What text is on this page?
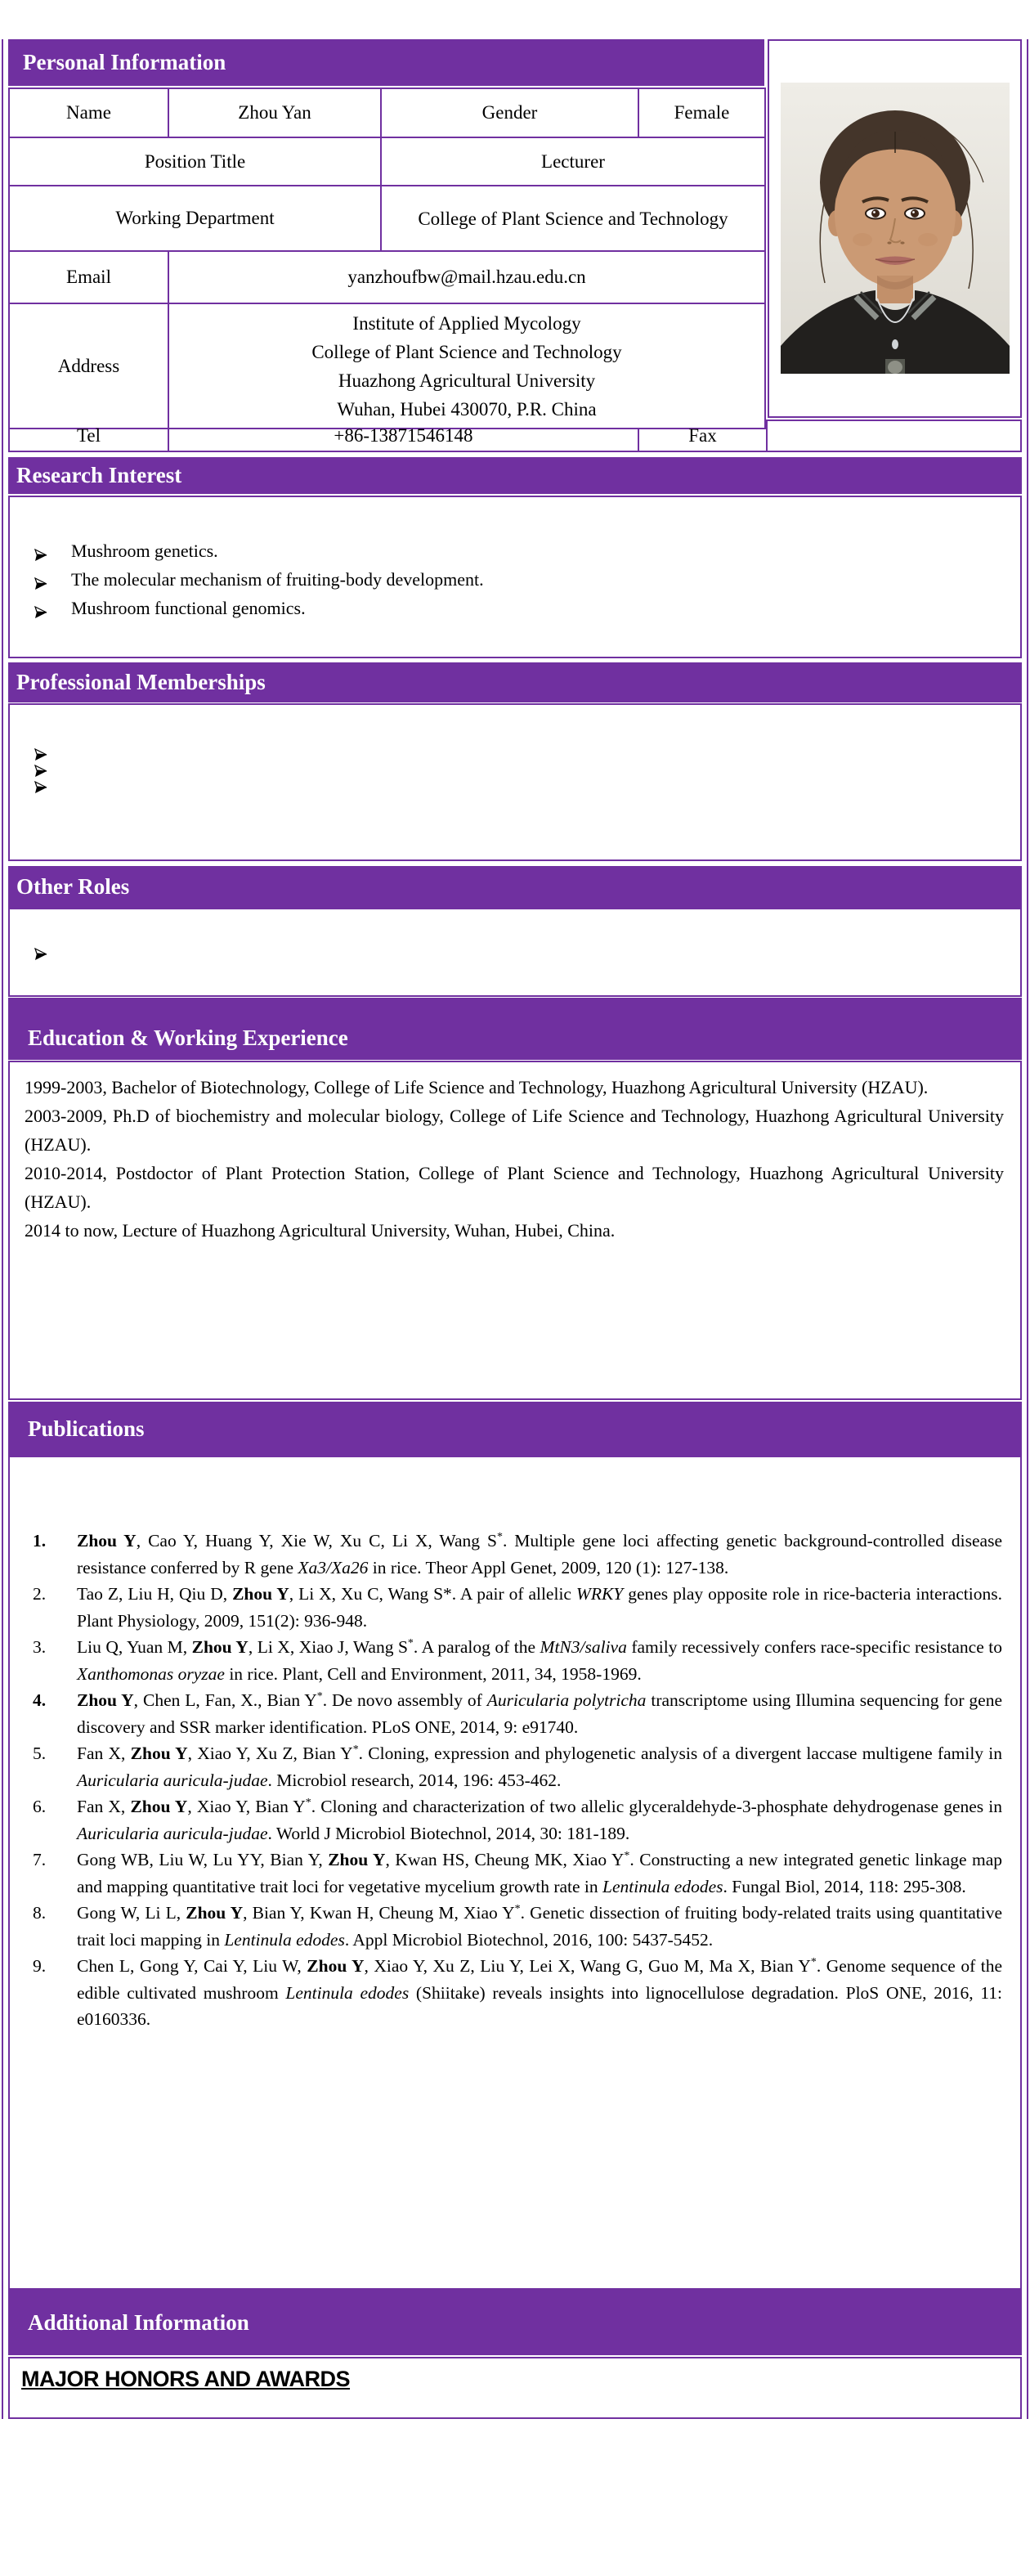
Personal Information
Name	Zhou Yan	Gender	Female
Position Title		Lecturer	
Working Department		College of Plant Science and Technology	
Email	yanzhoufbw@mail.hzau.edu.cn		
Address	Institute of Applied Mycology
College of Plant Science and Technology
Huazhong Agricultural University
Wuhan, Hubei 430070, P.R. China		
Tel	+86-13871546148	Fax	
Research Interest
Mushroom genetics.
The molecular mechanism of fruiting-body development.
Mushroom functional genomics.
Professional Memberships
Other Roles
Education & Working Experience

1999-2003, Bachelor of Biotechnology, College of Life Science and Technology, Huazhong Agricultural University (HZAU).

2003-2009, Ph.D of biochemistry and molecular biology, College of Life Science and Technology, Huazhong Agricultural University (HZAU).

2010-2014, Postdoctor of Plant Protection Station, College of Plant Science and Technology, Huazhong Agricultural University (HZAU).

2014 to now, Lecture of Huazhong Agricultural University, Wuhan, Hubei, China.

Publications
1. Zhou Y, Cao Y, Huang Y, Xie W, Xu C, Li X, Wang S*. Multiple gene loci affecting genetic background-controlled disease resistance conferred by R gene Xa3/Xa26 in rice. Theor Appl Genet, 2009, 120 (1): 127-138.
2. Tao Z, Liu H, Qiu D, Zhou Y, Li X, Xu C, Wang S*. A pair of allelic WRKY genes play opposite role in rice-bacteria interactions. Plant Physiology, 2009, 151(2): 936-948.
3. Liu Q, Yuan M, Zhou Y, Li X, Xiao J, Wang S*. A paralog of the MtN3/saliva family recessively confers race-specific resistance to Xanthomonas oryzae in rice. Plant, Cell and Environment, 2011, 34, 1958-1969.
4. Zhou Y, Chen L, Fan, X., Bian Y*. De novo assembly of Auricularia polytricha transcriptome using Illumina sequencing for gene discovery and SSR marker identification. PLoS ONE, 2014, 9: e91740.
5. Fan X, Zhou Y, Xiao Y, Xu Z, Bian Y*. Cloning, expression and phylogenetic analysis of a divergent laccase multigene family in Auricularia auricula-judae. Microbiol research, 2014, 196: 453-462.
6. Fan X, Zhou Y, Xiao Y, Bian Y*. Cloning and characterization of two allelic glyceraldehyde-3-phosphate dehydrogenase genes in Auricularia auricula-judae. World J Microbiol Biotechnol, 2014, 30: 181-189.
7. Gong WB, Liu W, Lu YY, Bian Y, Zhou Y, Kwan HS, Cheung MK, Xiao Y*. Constructing a new integrated genetic linkage map and mapping quantitative trait loci for vegetative mycelium growth rate in Lentinula edodes. Fungal Biol, 2014, 118: 295-308.
8. Gong W, Li L, Zhou Y, Bian Y, Kwan H, Cheung M, Xiao Y*. Genetic dissection of fruiting body-related traits using quantitative trait loci mapping in Lentinula edodes. Appl Microbiol Biotechnol, 2016, 100: 5437-5452.
9. Chen L, Gong Y, Cai Y, Liu W, Zhou Y, Xiao Y, Xu Z, Liu Y, Lei X, Wang G, Guo M, Ma X, Bian Y*. Genome sequence of the edible cultivated mushroom Lentinula edodes (Shiitake) reveals insights into lignocellulose degradation. PloS ONE, 2016, 11: e0160336.
Additional Information
MAJOR HONORS AND AWARDS
